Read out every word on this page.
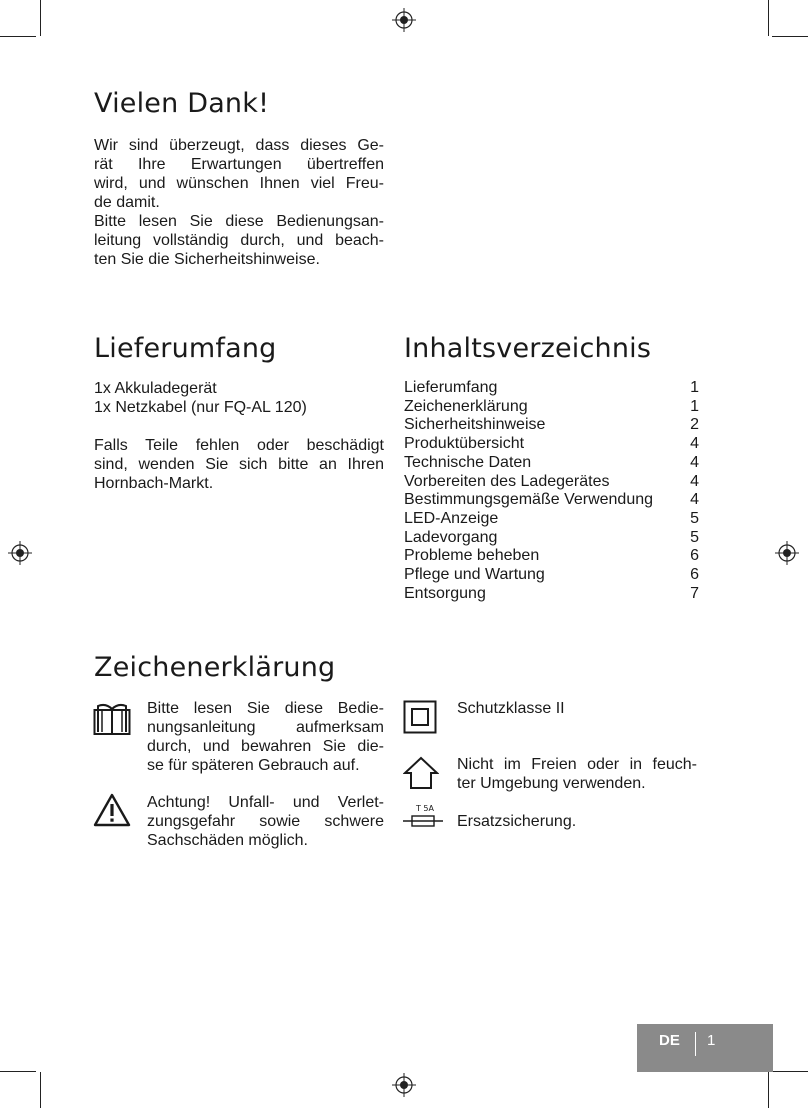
Vielen Dank!
Wir sind überzeugt, dass dieses Ge-
rät Ihre Erwartungen übertreffen
wird, und wünschen Ihnen viel Freu-
de damit.
Bitte lesen Sie diese Bedienungsan-
leitung vollständig durch, und beach-
ten Sie die Sicherheitshinweise.
Lieferumfang
1x Akkuladegerät
1x Netzkabel (nur FQ-AL 120)
Falls Teile fehlen oder beschädigt
sind, wenden Sie sich bitte an Ihren
Hornbach-Markt.
Inhaltsverzeichnis
Lieferumfang	1
Zeichenerklärung	1
Sicherheitshinweise	2
Produktübersicht	4
Technische Daten	4
Vorbereiten des Ladegerätes	4
Bestimmungsgemäße Verwendung 4
LED-Anzeige	5
Ladevorgang	5
Probleme beheben	6
Pflege und Wartung	6
Entsorgung	7
Zeichenerklärung
Bitte lesen Sie diese Bedie-
nungsanleitung aufmerksam
durch, und bewahren Sie die-
se für späteren Gebrauch auf.
Achtung! Unfall- und Verlet-
zungsgefahr sowie schwere
Sachschäden möglich.
Schutzklasse II
Nicht im Freien oder in feuch-
ter Umgebung verwenden.
T 5A
Ersatzsicherung.
DE 1
